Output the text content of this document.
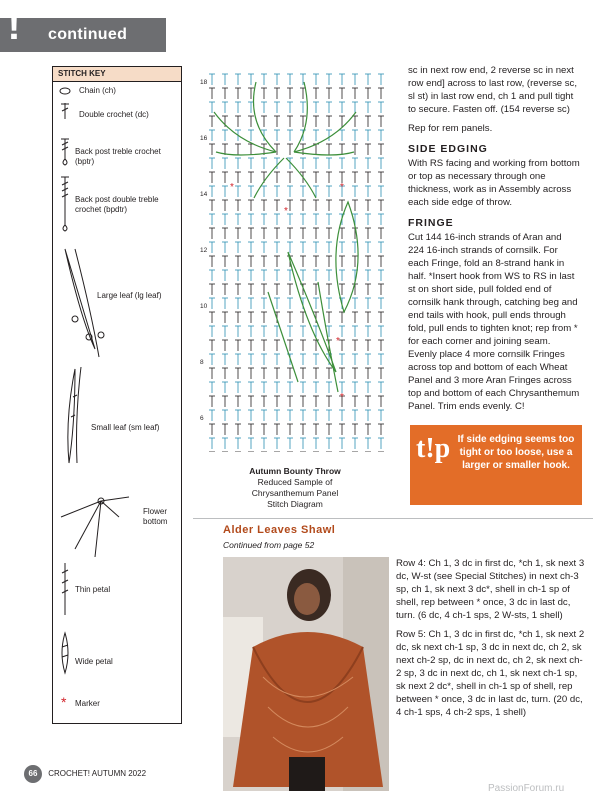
! continued
STITCH KEY
*
Chain (ch)
Double crochet (dc)
Back post treble crochet (bptr)
Back post double treble crochet (bpdtr)
Large leaf (lg leaf)
Small leaf (sm leaf)
Flower bottom
Thin petal
Wide petal
Marker
*
*
*
*
*
18
16
14
12
10
8
6
Autumn Bounty Throw
Reduced Sample of
Chrysanthemum Panel
Stitch Diagram

sc in next row end, 2 reverse sc in next row end] across to last row, (reverse sc, sl st) in last row end, ch 1 and pull tight to secure. Fasten off. (154 reverse sc)

Rep for rem panels.

SIDE EDGING

With RS facing and working from bottom or top as necessary through one thickness, work as in Assembly across each side edge of throw.

FRINGE

Cut 144 16-inch strands of Aran and 224 16-inch strands of cornsilk. For each Fringe, fold an 8-strand hank in half. *Insert hook from WS to RS in last st on short side, pull folded end of cornsilk hank through, catching beg and end tails with hook, pull ends through fold, pull ends to tighten knot; rep from * for each corner and joining seam. Evenly place 4 more cornsilk Fringes across top and bottom of each Wheat Panel and 3 more Aran Fringes across top and bottom of each Chrysanthemum Panel. Trim ends evenly. C!

t!p If side edging seems too tight or too loose, use a larger or smaller hook.
Alder Leaves Shawl
Continued from page 52

Row 4: Ch 1, 3 dc in first dc, *ch 1, sk next 3 dc, W-st (see Special Stitches) in next ch-3 sp, ch 1, sk next 3 dc*, shell in ch-1 sp of shell, rep between * once, 3 dc in last dc, turn. (6 dc, 4 ch-1 sps, 2 W-sts, 1 shell)

Row 5: Ch 1, 3 dc in first dc, *ch 1, sk next 2 dc, sk next ch-1 sp, 3 dc in next dc, ch 2, sk next ch-2 sp, dc in next dc, ch 2, sk next ch-2 sp, 3 dc in next dc, ch 1, sk next ch-1 sp, sk next 2 dc*, shell in ch-1 sp of shell, rep between * once, 3 dc in last dc, turn. (20 dc, 4 ch-1 sps, 4 ch-2 sps, 1 shell)

66 CROCHET! AUTUMN 2022
PassionForum.ru
